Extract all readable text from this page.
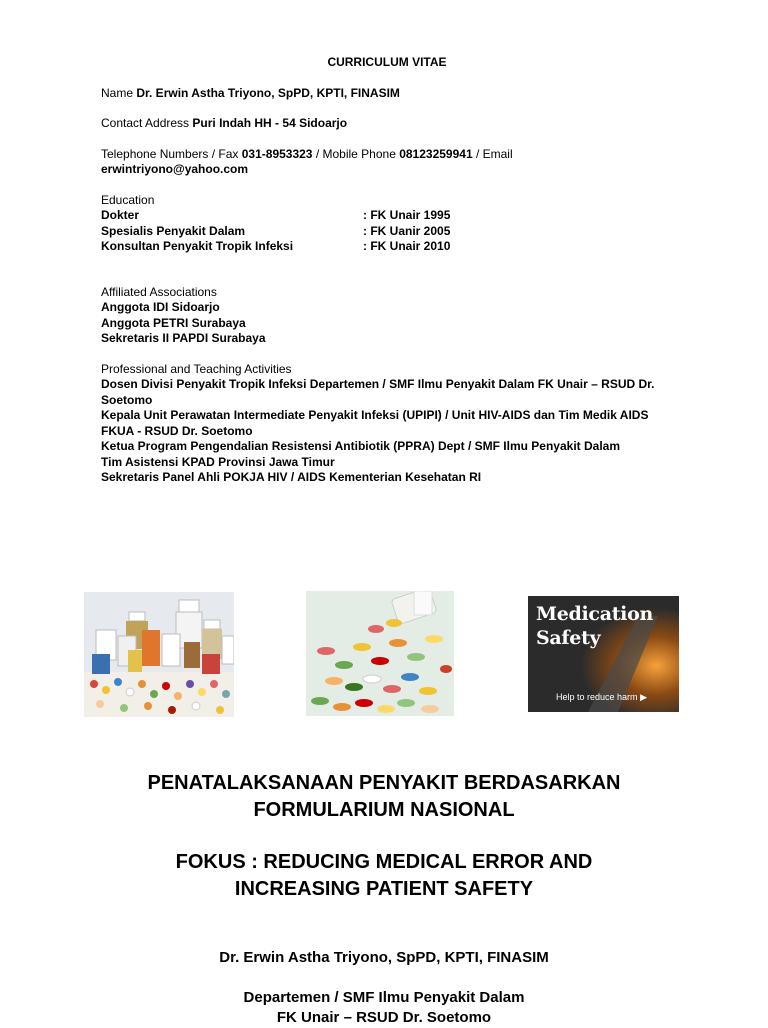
CURRICULUM VITAE
Name Dr. Erwin Astha Triyono, SpPD, KPTI, FINASIM
Contact Address Puri Indah HH - 54 Sidoarjo
Telephone Numbers / Fax 031-8953323 / Mobile Phone 08123259941 / Email
erwintriyono@yahoo.com
Education
Dokter	: FK Unair 1995
Spesialis Penyakit Dalam	: FK Uanir 2005
Konsultan Penyakit Tropik Infeksi	: FK Unair 2010
Affiliated Associations
Anggota IDI Sidoarjo
Anggota PETRI Surabaya
Sekretaris II PAPDI Surabaya
Professional and Teaching Activities
Dosen Divisi Penyakit Tropik Infeksi Departemen / SMF Ilmu Penyakit Dalam FK Unair – RSUD Dr. Soetomo
Kepala Unit Perawatan Intermediate Penyakit Infeksi (UPIPI) / Unit HIV-AIDS dan Tim Medik AIDS FKUA - RSUD Dr. Soetomo
Ketua Program Pengendalian Resistensi Antibiotik (PPRA) Dept / SMF Ilmu Penyakit Dalam
Tim Asistensi KPAD Provinsi Jawa Timur
Sekretaris Panel Ahli POKJA HIV / AIDS Kementerian Kesehatan RI
Medication
Safety
Help to reduce harm ▶
PENATALAKSANAAN PENYAKIT BERDASARKAN
FORMULARIUM NASIONAL
FOKUS : REDUCING MEDICAL ERROR AND
INCREASING PATIENT SAFETY
Dr. Erwin Astha Triyono, SpPD, KPTI, FINASIM
Departemen / SMF Ilmu Penyakit Dalam
FK Unair – RSUD Dr. Soetomo
